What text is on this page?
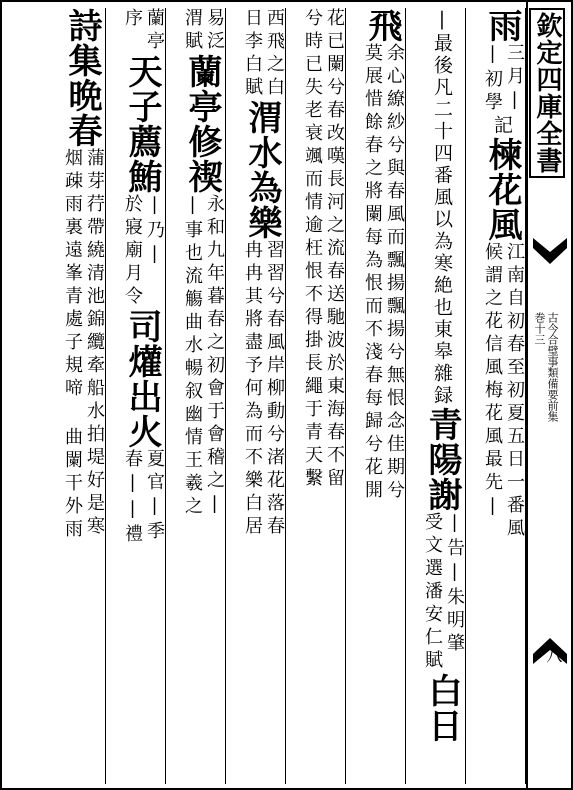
欽定四庫全書
巻十三 古今合璧事類備要前集
八
雨
三月|
|初學
記楝花風
江南自初春至初夏五日一番風
候謂之花信風梅花風最先|
|最後凡二十四番風以為寒絶也東皋雜録青陽謝
|告|朱明肇
受文選潘安仁賦
白日
飛
余心繚紗兮與春風而飄揚飄揚兮無恨念佳期兮
莫展惜餘春之將闌每為恨而不淺春每歸兮花開
花已闌兮春改嘆長河之流春送馳波於東海春不留
兮時已失老衰颯而情逾枉恨不得掛長繩于青天繫
西飛之白
日李白賦
渭水為樂
習習兮春風岸柳動兮渚花落春
冉冉其將盡予何為而不樂白居
易泛
渭賦
蘭亭修禊
永和九年暮春之初會于會稽之|
|事也流觴曲水暢叙幽情王羲之
蘭亭
序
天子薦鮪
|乃|
於寢廟月令
司爟出火
夏官|季
春||禮
詩集晩春
蒲芽荇帶繞清池錦纜牽船水拍堤好是寒
烟疎雨裏遠峯青處子規啼 曲闌干外雨
